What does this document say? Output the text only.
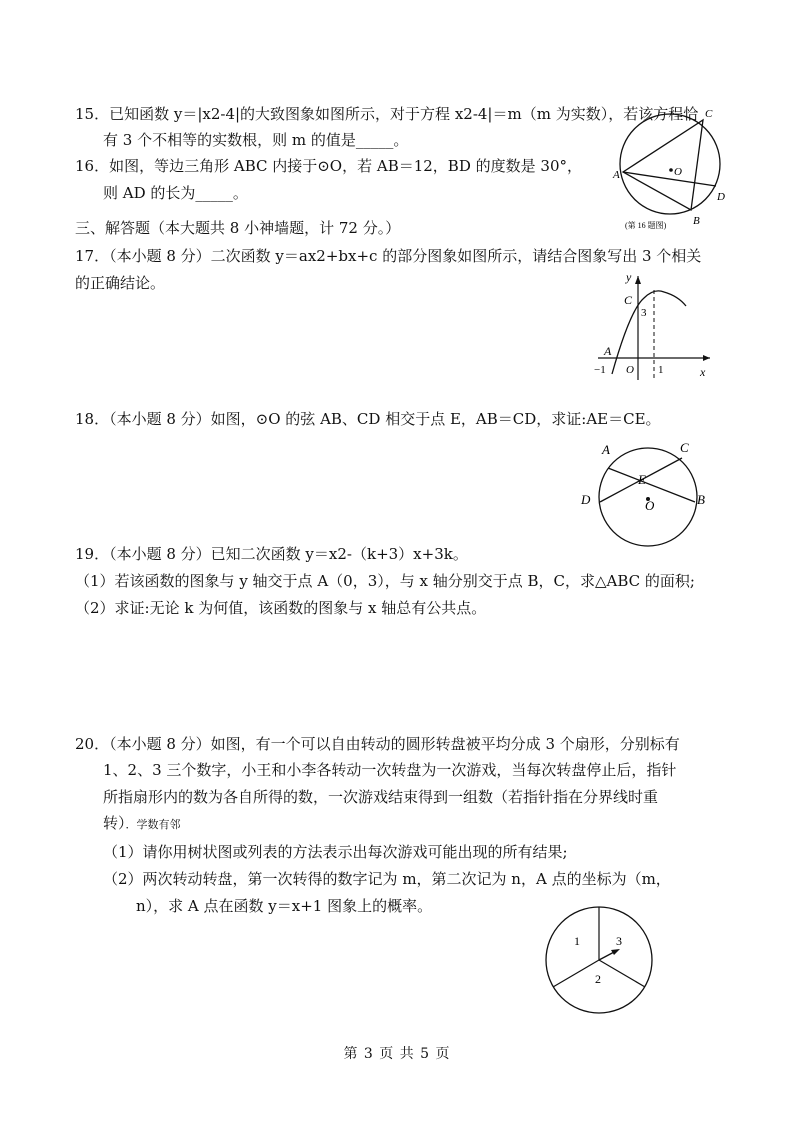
15．已知函数 y＝|x2-4|的大致图象如图所示，对于方程 x2-4|＝m（m 为实数），若该方程恰
有 3 个不相等的实数根，则 m 的值是_____。
16．如图，等边三角形 ABC 内接于⊙O，若 AB＝12，BD 的度数是 30°，
则 AD 的长为_____。
A
C
D
B
O
(第 16 题图)
三、解答题（本大题共 8 小神墙题，计 72 分。）
17．（本小题 8 分）二次函数 y＝ax2+bx+c 的部分图象如图所示，请结合图象写出 3 个相关
的正确结论。	y
x
C
3
A
−1 O 1
18．（本小题 8 分）如图，⊙O 的弦 AB、CD 相交于点 E，AB＝CD，求证:AE＝CE。
A	C
D	B
E
O
19．（本小题 8 分）已知二次函数 y＝x2-（k+3）x+3k。
（1）若该函数的图象与 y 轴交于点 A（0，3），与 x 轴分别交于点 B，C，求△ABC 的面积;
（2）求证:无论 k 为何值，该函数的图象与 x 轴总有公共点。
20．（本小题 8 分）如图，有一个可以自由转动的圆形转盘被平均分成 3 个扇形，分别标有
1、2、3 三个数字，小王和小李各转动一次转盘为一次游戏，当每次转盘停止后，指针
所指扇形内的数为各自所得的数，一次游戏结束得到一组数（若指针指在分界线时重
转）．学数有邻
（1）请你用树状图或列表的方法表示出每次游戏可能出现的所有结果;
（2）两次转动转盘，第一次转得的数字记为 m，第二次记为 n，A 点的坐标为（m，
n），求 A 点在函数 y＝x+1 图象上的概率。
1	3
2
第 3 页 共 5 页
